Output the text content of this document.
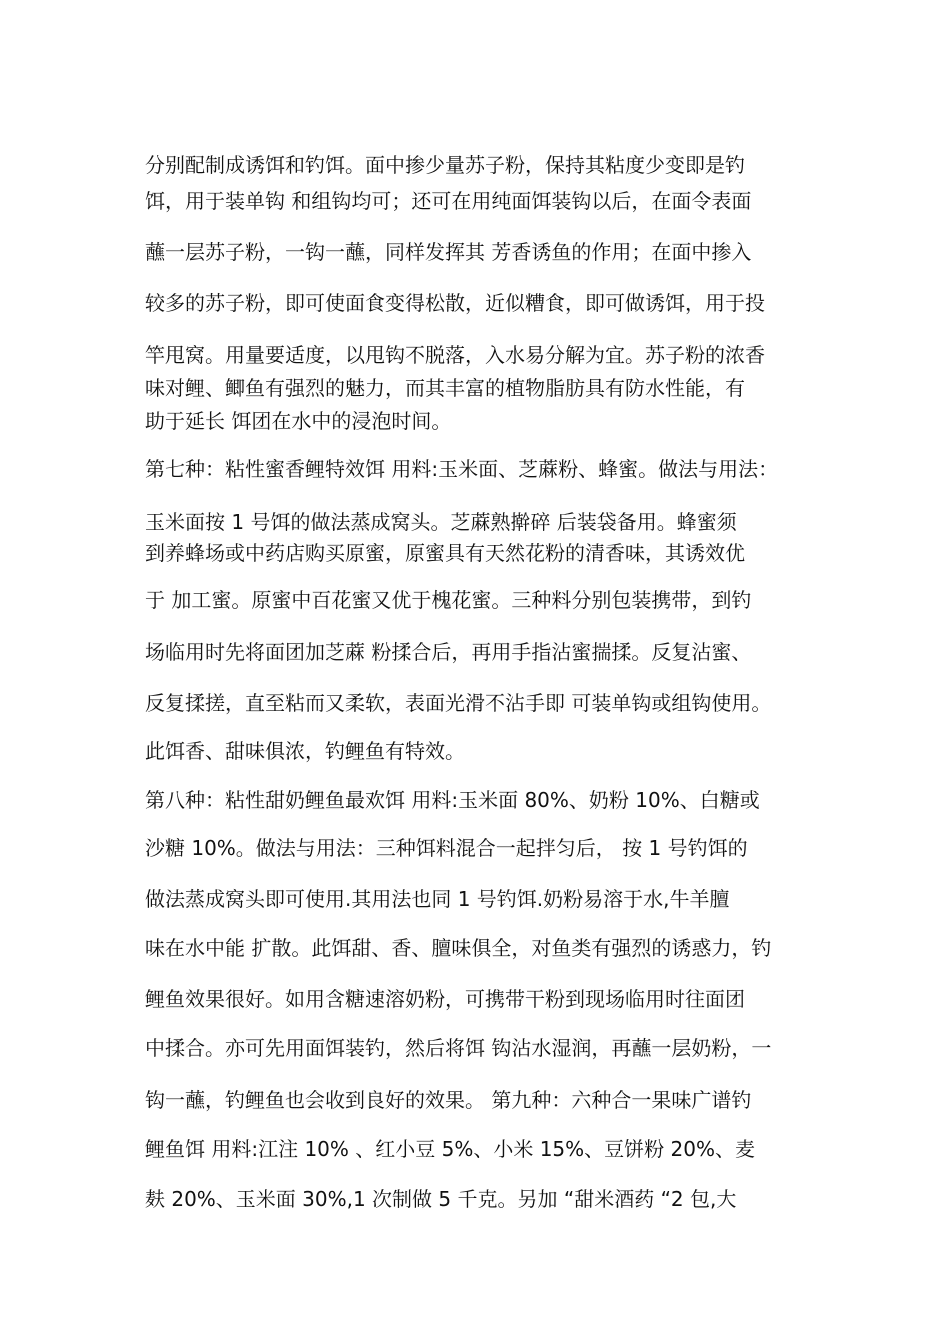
分别配制成诱饵和钓饵。面中掺少量苏子粉，保持其粘度少变即是钓
饵，用于装单钩 和组钩均可；还可在用纯面饵装钩以后，在面令表面
蘸一层苏子粉，一钩一蘸，同样发挥其 芳香诱鱼的作用；在面中掺入
较多的苏子粉，即可使面食变得松散，近似糟食，即可做诱饵，用于投
竿甩窝。用量要适度，以甩钩不脱落，入水易分解为宜。苏子粉的浓香
味对鲤、鲫鱼有强烈的魅力，而其丰富的植物脂肪具有防水性能，有
助于延长 饵团在水中的浸泡时间。
第七种：粘性蜜香鲤特效饵 用料:玉米面、芝蔴粉、蜂蜜。做法与用法：
玉米面按 1 号饵的做法蒸成窝头。芝蔴熟擀碎 后装袋备用。蜂蜜须
到养蜂场或中药店购买原蜜，原蜜具有天然花粉的清香味，其诱效优
于 加工蜜。原蜜中百花蜜又优于槐花蜜。三种料分别包装携带，到钓
场临用时先将面团加芝蔴 粉揉合后，再用手指沾蜜揣揉。反复沾蜜、
反复揉搓，直至粘而又柔软，表面光滑不沾手即 可装单钩或组钩使用。
此饵香、甜味俱浓，钓鲤鱼有特效。
第八种：粘性甜奶鲤鱼最欢饵 用料:玉米面 80%、奶粉 10%、白糖或
沙糖 10%。做法与用法：三种饵料混合一起拌匀后， 按 1 号钓饵的
做法蒸成窝头即可使用.其用法也同 1 号钓饵.奶粉易溶于水,牛羊膻
味在水中能 扩散。此饵甜、香、膻味俱全，对鱼类有强烈的诱惑力，钓
鲤鱼效果很好。如用含糖速溶奶粉，可携带干粉到现场临用时往面团
中揉合。亦可先用面饵装钓，然后将饵 钩沾水湿润，再蘸一层奶粉，一
钩一蘸，钓鲤鱼也会收到良好的效果。 第九种：六种合一果味广谱钓
鲤鱼饵 用料:江注 10% 、红小豆 5%、小米 15%、豆饼粉 20%、麦
麸 20%、玉米面 30%,1 次制做 5 千克。另加 “甜米酒药 “2 包,大
